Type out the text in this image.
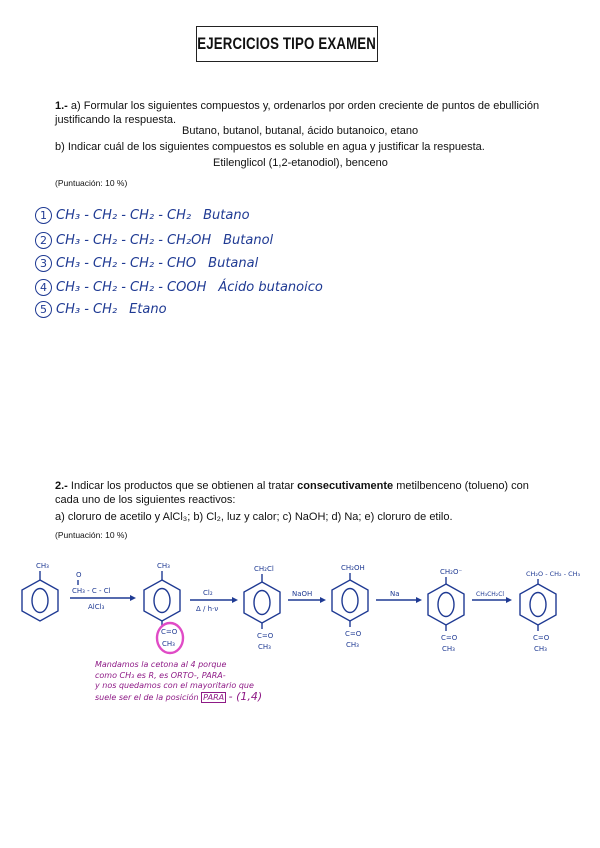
EJERCICIOS TIPO EXAMEN
1.- a) Formular los siguientes compuestos y, ordenarlos por orden creciente de puntos de ebullición justificando la respuesta.
Butano, butanol, butanal, ácido butanoico, etano
b) Indicar cuál de los siguientes compuestos es soluble en agua y justificar la respuesta.
Etilenglicol (1,2-etanodiol), benceno
(Puntuación: 10 %)
1 CH₃ - CH₂ - CH₂ - CH₂ Butano
2 CH₃ - CH₂ - CH₂ - CH₂OH Butanol
3 CH₃ - CH₂ - CH₂ - CHO Butanal
4 CH₃ - CH₂ - CH₂ - COOH Ácido butanoico
5 CH₃ - CH₂ Etano
2.- Indicar los productos que se obtienen al tratar consecutivamente metilbenceno (tolueno) con cada uno de los siguientes reactivos:
a) cloruro de acetilo y AlCl₃; b) Cl₂, luz y calor; c) NaOH; d) Na; e) cloruro de etilo.
(Puntuación: 10 %)
CH₃
O
CH₃ - C - Cl
AlCl₃
CH₃
C=O
CH₃
Cl₂
Δ / h·ν
CH₂Cl
C=O
CH₃
NaOH
CH₂OH
C=O
CH₃
Na
CH₂O⁻
C=O
CH₃
CH₃CH₂Cl
CH₂O - CH₂ - CH₃
C=O
CH₃
Mandamos la cetona al 4 porque
como CH₃ es R, es ORTO-, PARA-
y nos quedamos con el mayoritario que
suele ser el de la posición PARA - (1,4)
